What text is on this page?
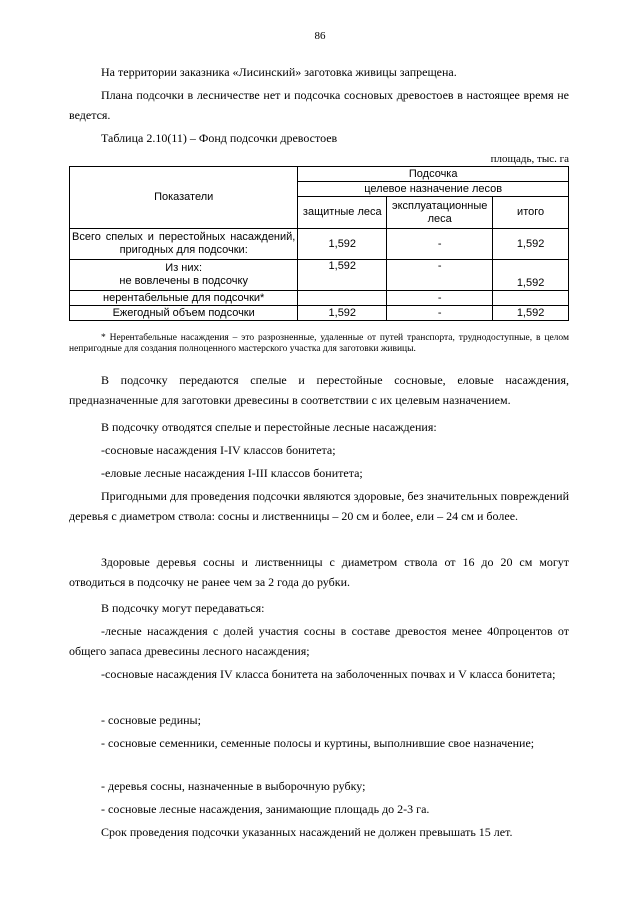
86
На территории заказника «Лисинский» заготовка живицы запрещена.
Плана подсочки в лесничестве нет и подсочка сосновых древостоев в настоящее время не ведется.
Таблица 2.10(11) – Фонд подсочки древостоев
площадь, тыс. га
Показатели	Подсочка		
	целевое назначение лесов		
	защитные леса	эксплуатационные леса	итого
Всего спелых и перестойных насаждений, пригодных для подсочки:	1,592	-	1,592

Из них:
не вовлечены в подсочку	1,592	-	1,592
нерентабельные для подсочки*		-	
Ежегодный объем подсочки	1,592	-	1,592
* Нерентабельные насаждения – это разрозненные, удаленные от путей транспорта, труднодоступные, в целом непригодные для создания полноценного мастерского участка для заготовки живицы.
В подсочку передаются спелые и перестойные сосновые, еловые насаждения, предназначенные для заготовки древесины в соответствии с их целевым назначением.
В подсочку отводятся спелые и перестойные лесные насаждения:
-сосновые насаждения I-IV классов бонитета;
-еловые лесные насаждения I-III классов бонитета;
Пригодными для проведения подсочки являются здоровые, без значительных повреждений деревья с диаметром ствола: сосны и лиственницы – 20 см и более, ели – 24 см и более.
Здоровые деревья сосны и лиственницы с диаметром ствола от 16 до 20 см могут отводиться в подсочку не ранее чем за 2 года до рубки.
В подсочку могут передаваться:
-лесные насаждения с долей участия сосны в составе древостоя менее 40процентов от общего запаса древесины лесного насаждения;
-сосновые насаждения IV класса бонитета на заболоченных почвах и V класса бонитета;
- сосновые редины;
- сосновые семенники, семенные полосы и куртины, выполнившие свое назначение;
- деревья сосны, назначенные в выборочную рубку;
- сосновые лесные насаждения, занимающие площадь до 2-3 га.
Срок проведения подсочки указанных насаждений не должен превышать 15 лет.
